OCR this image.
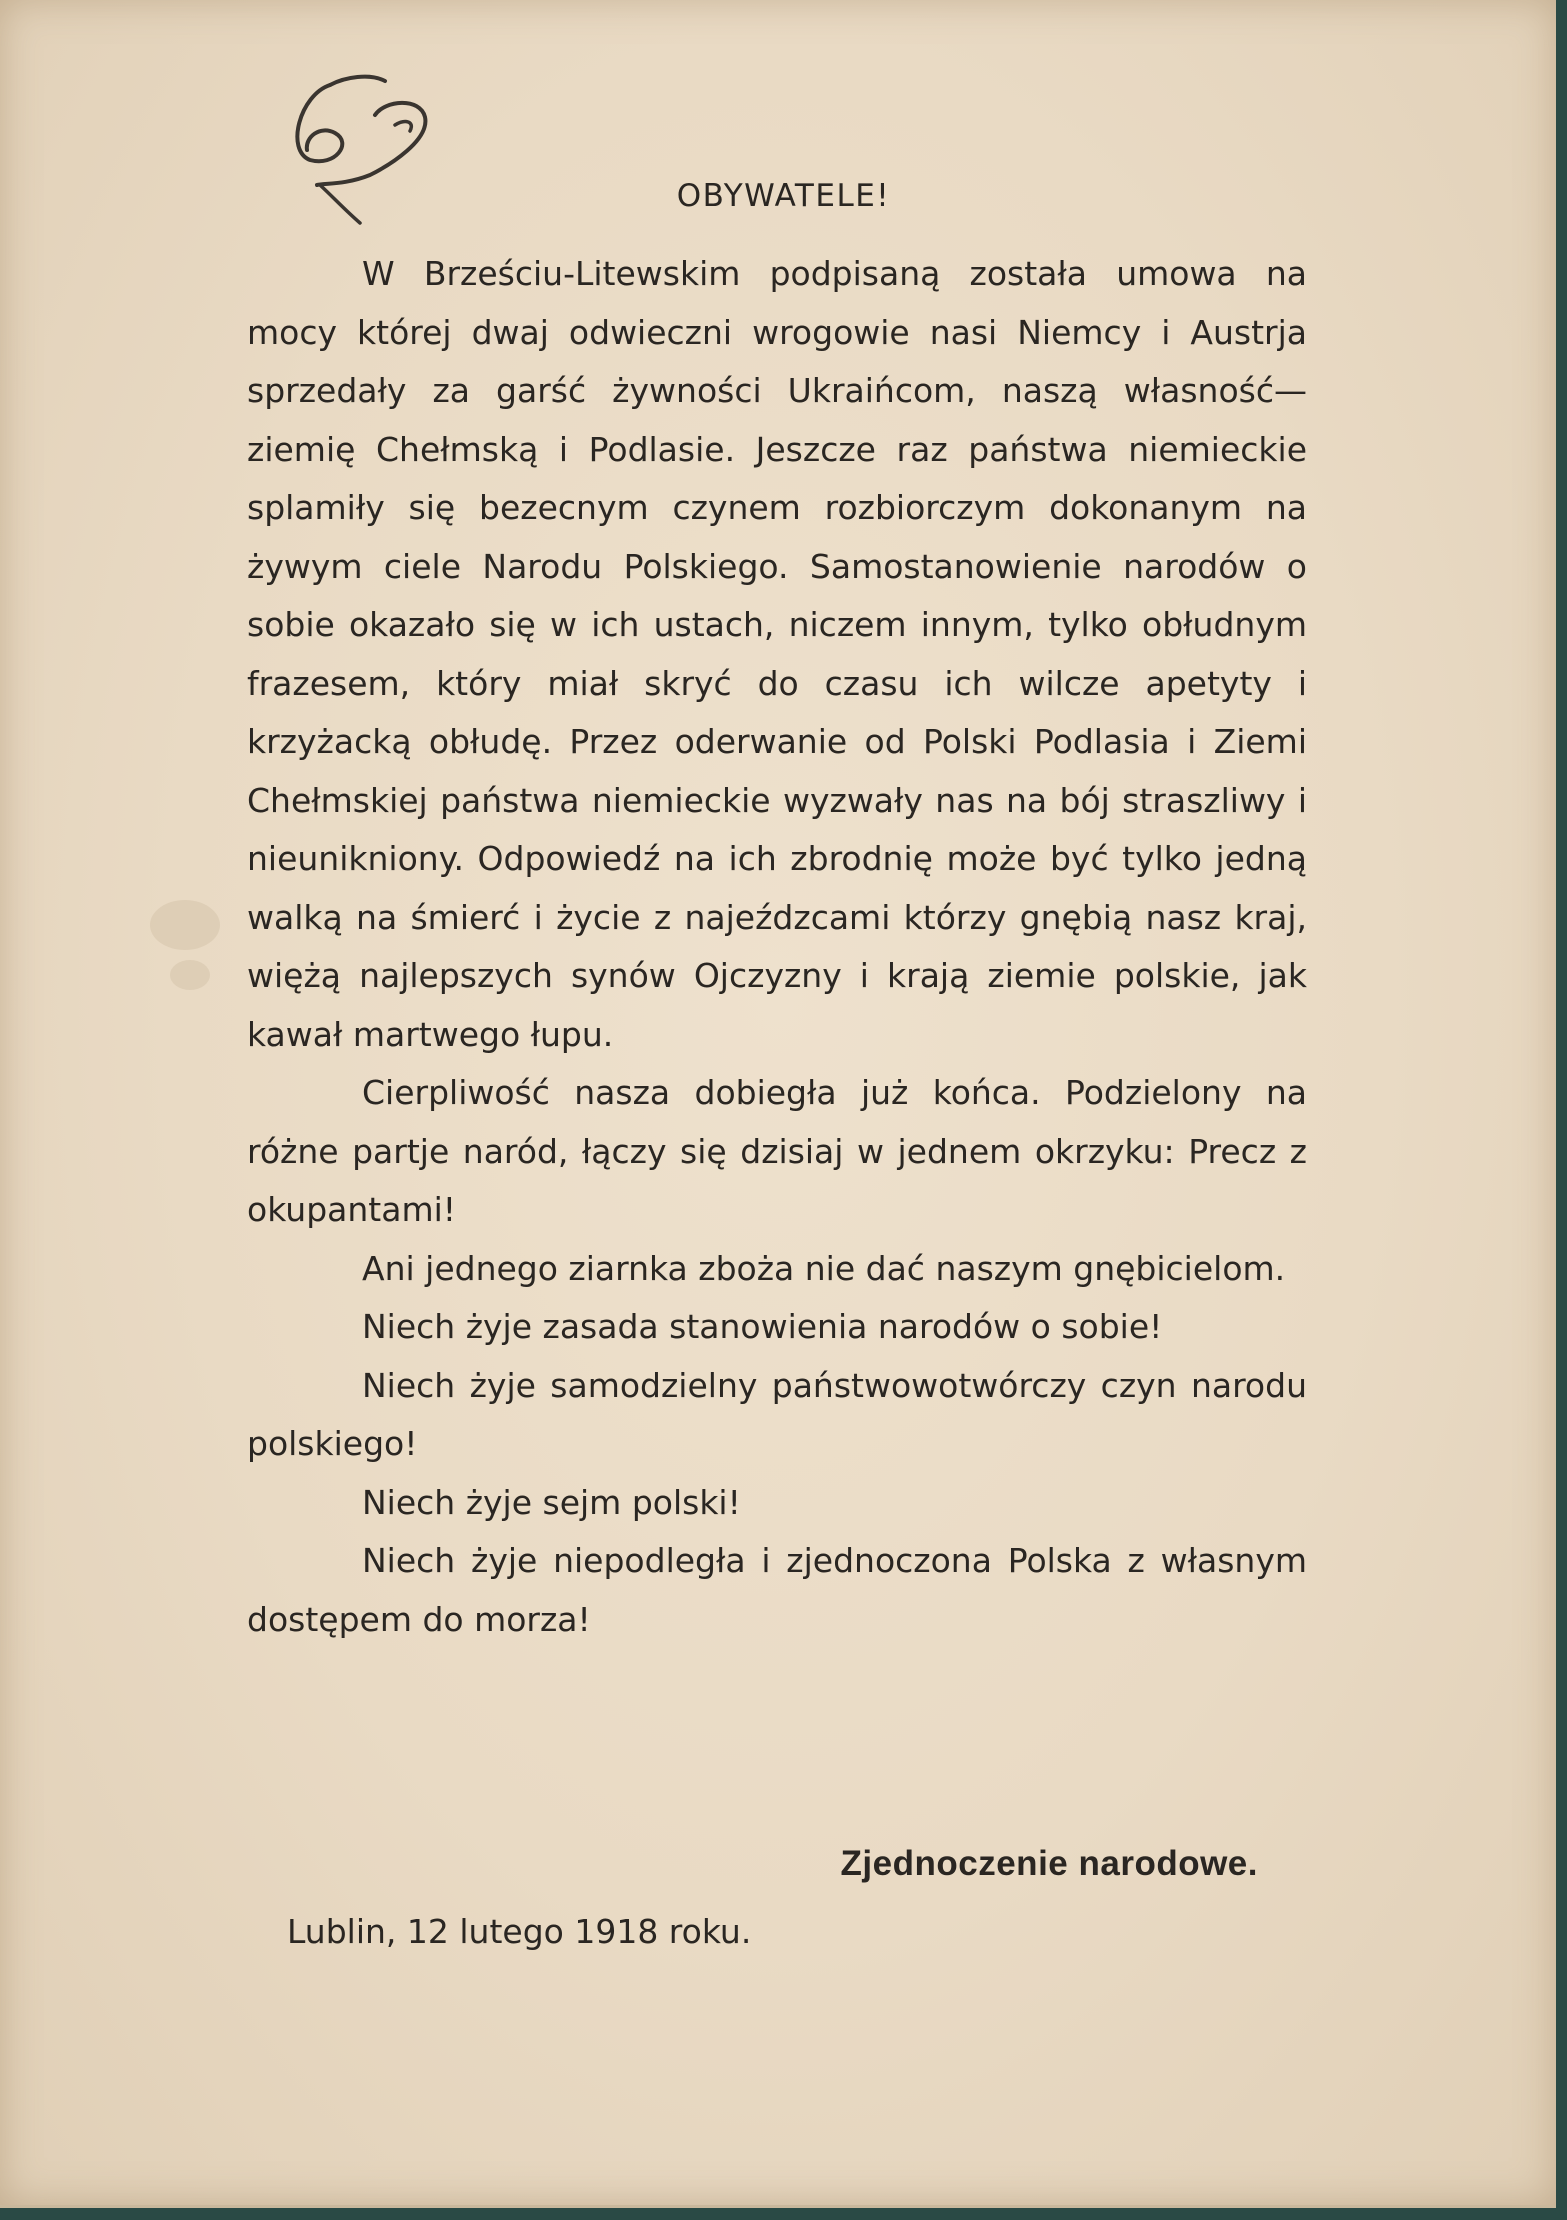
OBYWATELE!

W Brześciu-Litewskim podpisaną została umowa na mocy której dwaj odwieczni wrogowie nasi Niemcy i Austrja sprzedały za garść żywności Ukraińcom, naszą własność—ziemię Chełmską i Podlasie. Jeszcze raz państwa niemieckie splamiły się bezecnym czynem rozbiorczym dokonanym na żywym ciele Narodu Polskiego. Samostanowienie narodów o sobie okazało się w ich ustach, niczem innym, tylko obłudnym frazesem, który miał skryć do czasu ich wilcze apetyty i krzyżacką obłudę. Przez oderwanie od Polski Podlasia i Ziemi Chełmskiej państwa niemieckie wyzwały nas na bój straszliwy i nieunikniony. Odpowiedź na ich zbrodnię może być tylko jedną walką na śmierć i życie z najeźdzcami którzy gnębią nasz kraj, więżą najlepszych synów Ojczyzny i krają ziemie polskie, jak kawał martwego łupu.

Cierpliwość nasza dobiegła już końca. Podzielony na różne partje naród, łączy się dzisiaj w jednem okrzyku: Precz z okupantami!

Ani jednego ziarnka zboża nie dać naszym gnębicielom.

Niech żyje zasada stanowienia narodów o sobie!

Niech żyje samodzielny państwowotwórczy czyn narodu polskiego!

Niech żyje sejm polski!

Niech żyje niepodległa i zjednoczona Polska z własnym dostępem do morza!

Zjednoczenie narodowe.
Lublin, 12 lutego 1918 roku.
